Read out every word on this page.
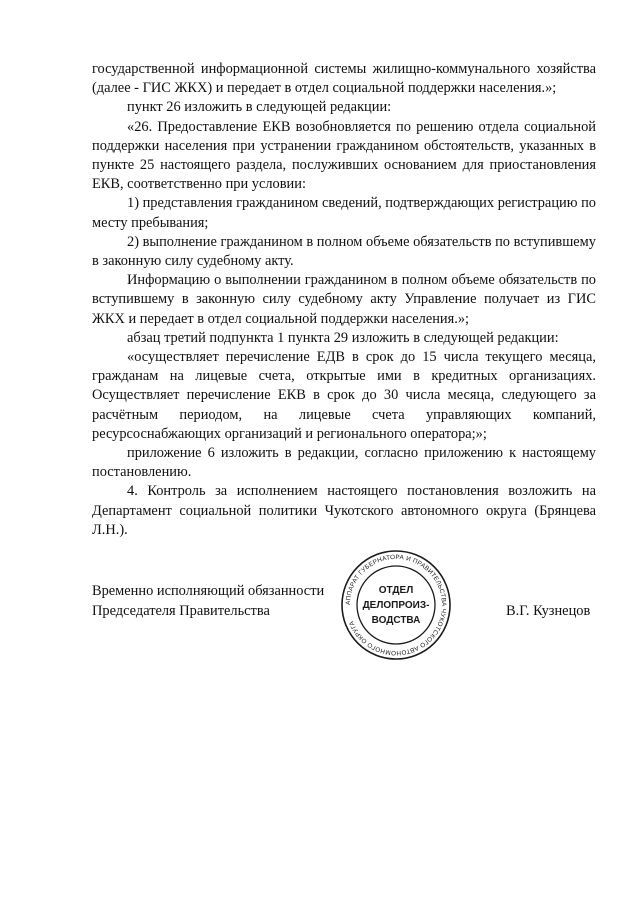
государственной информационной системы жилищно-коммунального хозяйства (далее - ГИС ЖКХ) и передает в отдел социальной поддержки населения.»;

пункт 26 изложить в следующей редакции:

«26. Предоставление ЕКВ возобновляется по решению отдела социальной поддержки населения при устранении гражданином обстоятельств, указанных в пункте 25 настоящего раздела, послуживших основанием для приостановления ЕКВ, соответственно при условии:

1) представления гражданином сведений, подтверждающих регистрацию по месту пребывания;

2) выполнение гражданином в полном объеме обязательств по вступившему в законную силу судебному акту.

Информацию о выполнении гражданином в полном объеме обязательств по вступившему в законную силу судебному акту Управление получает из ГИС ЖКХ и передает в отдел социальной поддержки населения.»;

абзац третий подпункта 1 пункта 29 изложить в следующей редакции:

«осуществляет перечисление ЕДВ в срок до 15 числа текущего месяца, гражданам на лицевые счета, открытые ими в кредитных организациях. Осуществляет перечисление ЕКВ в срок до 30 числа месяца, следующего за расчётным периодом, на лицевые счета управляющих компаний, ресурсоснабжающих организаций и регионального оператора;»;

приложение 6 изложить в редакции, согласно приложению к настоящему постановлению.

4. Контроль за исполнением настоящего постановления возложить на Департамент социальной политики Чукотского автономного округа (Брянцева Л.Н.).

Временно исполняющий обязанности
Председателя Правительства	АППАРАТ ГУБЕРНАТОРА И ПРАВИТЕЛЬСТВА ЧУКОТСКОГО АВТОНОМНОГО ОКРУГА
ОТДЕЛ
ДЕЛОПРОИЗ-
ВОДСТВА
В.Г. Кузнецов
